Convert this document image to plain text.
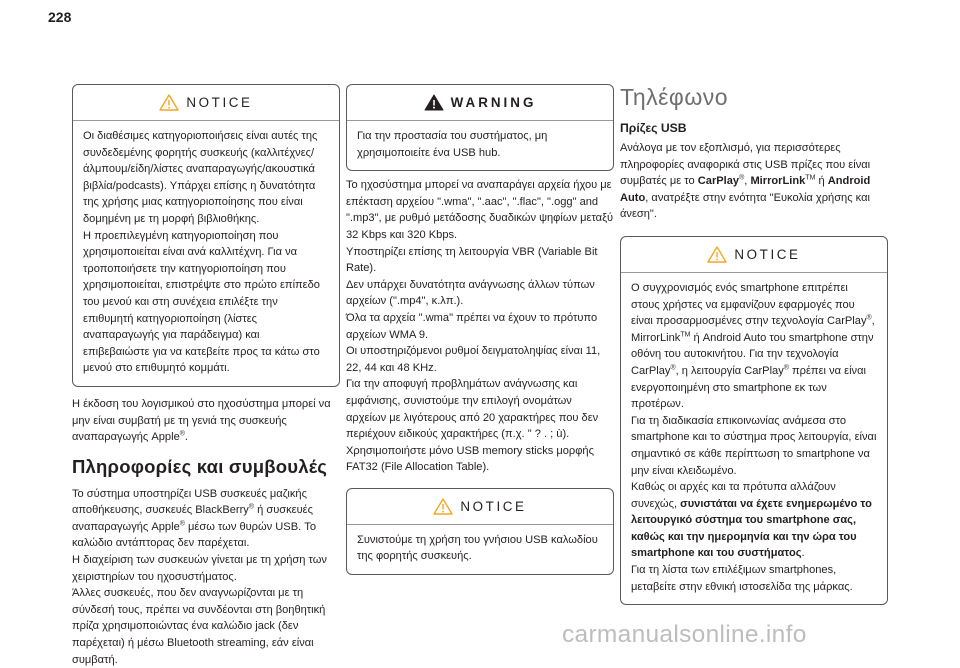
228
NOTICE

Οι διαθέσιμες κατηγοριοποιήσεις είναι αυτές της συνδεδεμένης φορητής συσκευής (καλλιτέχνες/άλμπουμ/είδη/λίστες αναπαραγωγής/ακουστικά βιβλία/podcasts). Υπάρχει επίσης η δυνατότητα της χρήσης μιας κατηγοριοποίησης που είναι δομημένη με τη μορφή βιβλιοθήκης.
Η προεπιλεγμένη κατηγοριοποίηση που χρησιμοποιείται είναι ανά καλλιτέχνη. Για να τροποποιήσετε την κατηγοριοποίηση που χρησιμοποιείται, επιστρέψτε στο πρώτο επίπεδο του μενού και στη συνέχεια επιλέξτε την επιθυμητή κατηγοριοποίηση (λίστες αναπαραγωγής για παράδειγμα) και επιβεβαιώστε για να κατεβείτε προς τα κάτω στο μενού στο επιθυμητό κομμάτι.

Η έκδοση του λογισμικού στο ηχοσύστημα μπορεί να μην είναι συμβατή με τη γενιά της συσκευής αναπαραγωγής Apple®.

Πληροφορίες και συμβουλές

Το σύστημα υποστηρίζει USB συσκευές μαζικής αποθήκευσης, συσκευές BlackBerry® ή συσκευές αναπαραγωγής Apple® μέσω των θυρών USB. Το καλώδιο αντάπτορας δεν παρέχεται.

Η διαχείριση των συσκευών γίνεται με τη χρήση των χειριστηρίων του ηχοσυστήματος.

Άλλες συσκευές, που δεν αναγνωρίζονται με τη σύνδεσή τους, πρέπει να συνδέονται στη βοηθητική πρίζα χρησιμοποιώντας ένα καλώδιο jack (δεν παρέχεται) ή μέσω Bluetooth streaming, εάν είναι συμβατή.

WARNING

Για την προστασία του συστήματος, μη χρησιμοποιείτε ένα USB hub.

Το ηχοσύστημα μπορεί να αναπαράγει αρχεία ήχου με επέκταση αρχείου ".wma", ".aac", ".flac", ".ogg" and ".mp3", με ρυθμό μετάδοσης δυαδικών ψηφίων μεταξύ 32 Kbps και 320 Kbps.
Υποστηρίζει επίσης τη λειτουργία VBR (Variable Bit Rate).
Δεν υπάρχει δυνατότητα ανάγνωσης άλλων τύπων αρχείων (".mp4", κ.λπ.).
Όλα τα αρχεία ".wma" πρέπει να έχουν το πρότυπο αρχείων WMA 9.
Οι υποστηριζόμενοι ρυθμοί δειγματοληψίας είναι 11, 22, 44 και 48 KHz.
Για την αποφυγή προβλημάτων ανάγνωσης και εμφάνισης, συνιστούμε την επιλογή ονομάτων αρχείων με λιγότερους από 20 χαρακτήρες που δεν περιέχουν ειδικούς χαρακτήρες (π.χ. " ? . ; ù).
Χρησιμοποιήστε μόνο USB memory sticks μορφής FAT32 (File Allocation Table).

NOTICE

Συνιστούμε τη χρήση του γνήσιου USB καλωδίου της φορητής συσκευής.

Τηλέφωνο
Πρίζες USB

Ανάλογα με τον εξοπλισμό, για περισσότερες πληροφορίες αναφορικά στις USB πρίζες που είναι συμβατές με το CarPlay®, MirrorLink™ ή Android Auto, ανατρέξτε στην ενότητα "Ευκολία χρήσης και άνεση".

NOTICE

Ο συγχρονισμός ενός smartphone επιτρέπει στους χρήστες να εμφανίζουν εφαρμογές που είναι προσαρμοσμένες στην τεχνολογία CarPlay®, MirrorLink™ ή Android Auto του smartphone στην οθόνη του αυτοκινήτου. Για την τεχνολογία CarPlay®, η λειτουργία CarPlay® πρέπει να είναι ενεργοποιημένη στο smartphone εκ των προτέρων.
Για τη διαδικασία επικοινωνίας ανάμεσα στο smartphone και το σύστημα προς λειτουργία, είναι σημαντικό σε κάθε περίπτωση το smartphone να μην είναι κλειδωμένο.
Καθώς οι αρχές και τα πρότυπα αλλάζουν συνεχώς, συνιστάται να έχετε ενημερωμένο το λειτουργικό σύστημα του smartphone σας, καθώς και την ημερομηνία και την ώρα του smartphone και του συστήματος.
Για τη λίστα των επιλέξιμων smartphones, μεταβείτε στην εθνική ιστοσελίδα της μάρκας.

carmanualsonline.info
